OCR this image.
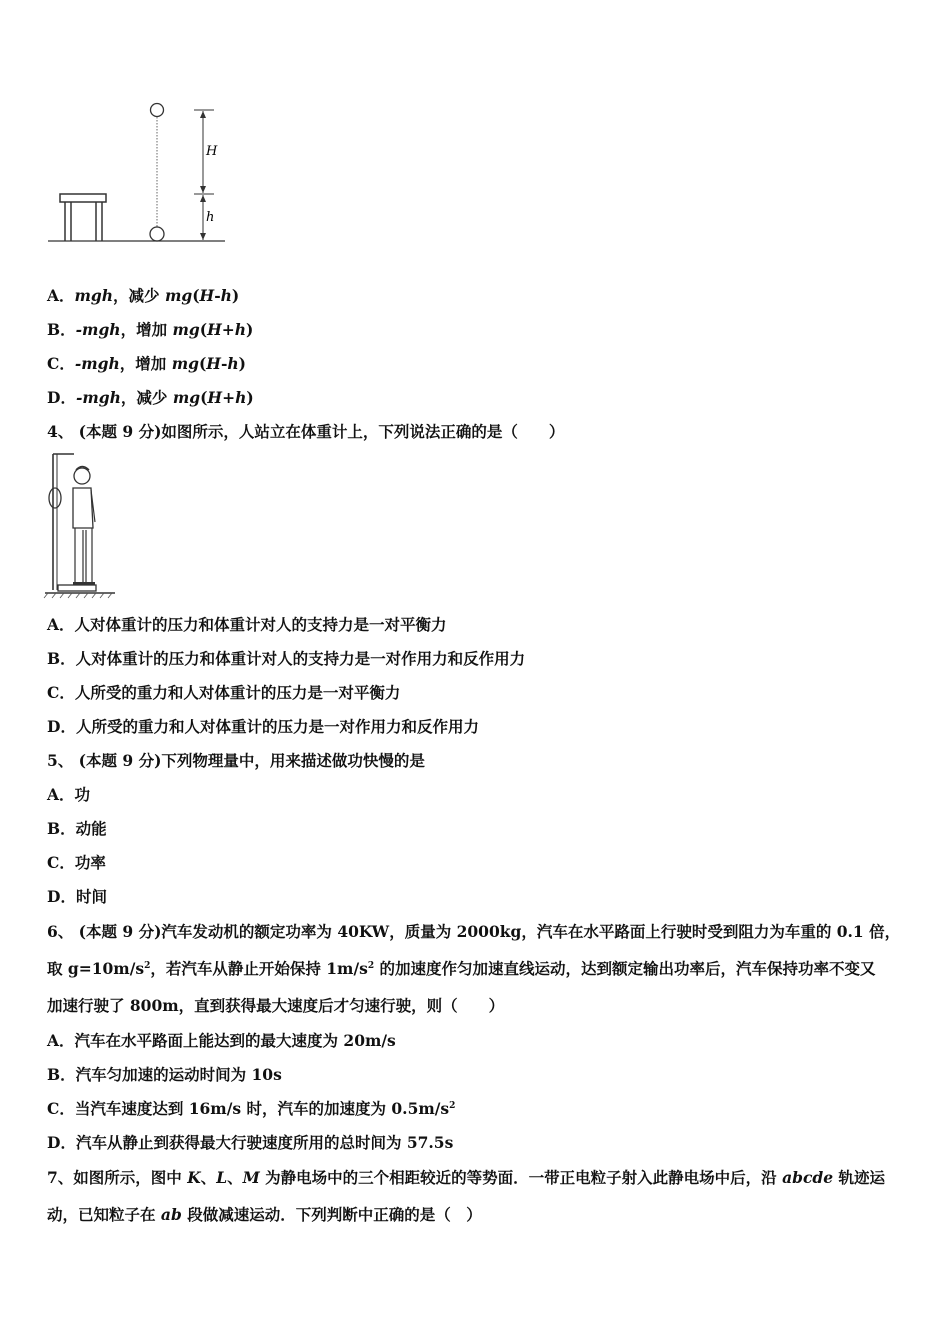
H
h
A．mgh，减少 mg(H-h)
B．-mgh，增加 mg(H+h)
C．-mgh，增加 mg(H-h)
D．-mgh，减少 mg(H+h)
4、 (本题 9 分)如图所示，人站立在体重计上，下列说法正确的是（　　）
A．人对体重计的压力和体重计对人的支持力是一对平衡力
B．人对体重计的压力和体重计对人的支持力是一对作用力和反作用力
C．人所受的重力和人对体重计的压力是一对平衡力
D．人所受的重力和人对体重计的压力是一对作用力和反作用力
5、 (本题 9 分)下列物理量中，用来描述做功快慢的是
A．功
B．动能
C．功率
D．时间
6、 (本题 9 分)汽车发动机的额定功率为 40KW，质量为 2000kg，汽车在水平路面上行驶时受到阻力为车重的 0.1 倍，
取 $g=10m/s^2$，若汽车从静止开始保持 $1m/s^2$ 的加速度作匀加速直线运动，达到额定输出功率后，汽车保持功率不变又
加速行驶了 800m，直到获得最大速度后才匀速行驶，则（　　）
A．汽车在水平路面上能达到的最大速度为 20m/s
B．汽车匀加速的运动时间为 10s
C．当汽车速度达到 16m/s 时，汽车的加速度为 $0.5m/s^2$
D．汽车从静止到获得最大行驶速度所用的总时间为 57.5s
7、如图所示，图中 K、L、M 为静电场中的三个相距较近的等势面．一带正电粒子射入此静电场中后，沿 abcde 轨迹运
动，已知粒子在 ab 段做减速运动．下列判断中正确的是（　）
